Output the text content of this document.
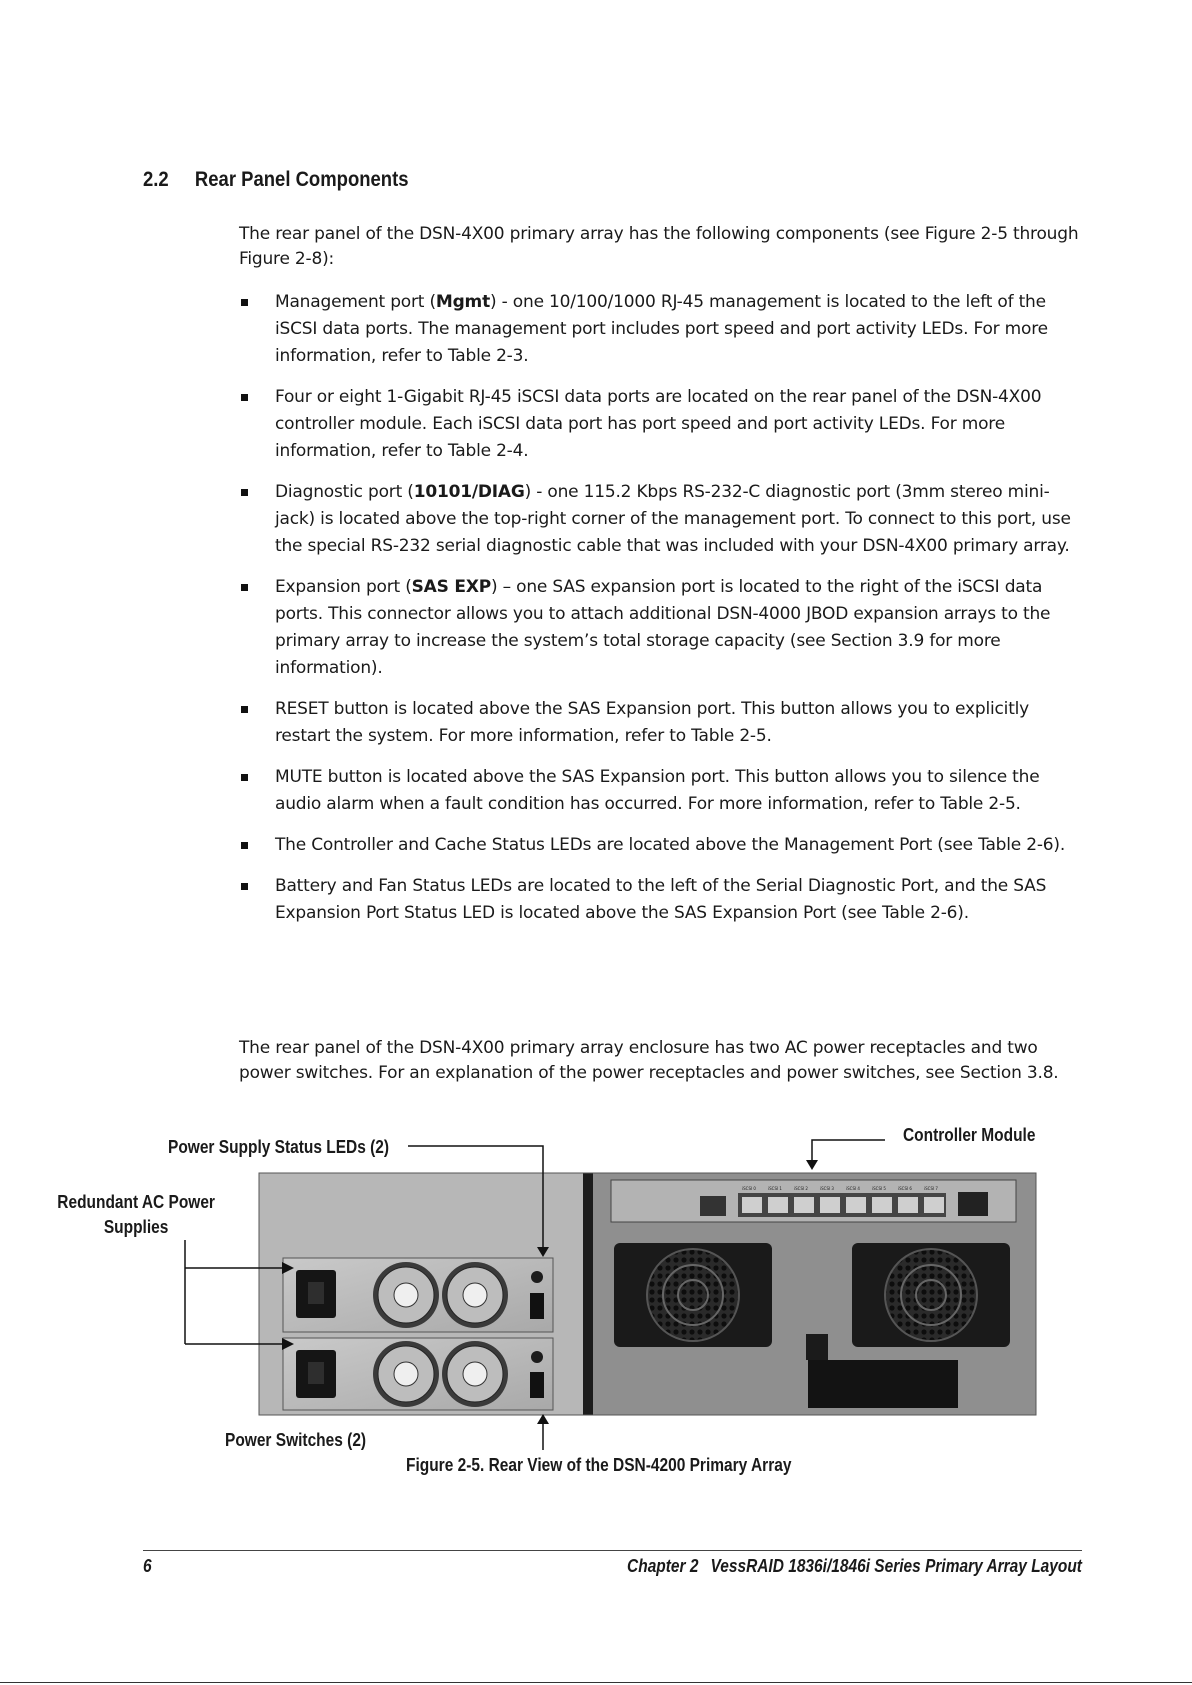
2.2 Rear Panel Components
The rear panel of the DSN-4X00 primary array has the following components (see Figure 2-5 through Figure 2-8):
Management port (Mgmt) - one 10/100/1000 RJ-45 management is located to the left of the iSCSI data ports. The management port includes port speed and port activity LEDs. For more information, refer to Table 2-3.
Four or eight 1-Gigabit RJ-45 iSCSI data ports are located on the rear panel of the DSN-4X00 controller module. Each iSCSI data port has port speed and port activity LEDs. For more information, refer to Table 2-4.
Diagnostic port (10101/DIAG) - one 115.2 Kbps RS-232-C diagnostic port (3mm stereo mini-jack) is located above the top-right corner of the management port. To connect to this port, use the special RS-232 serial diagnostic cable that was included with your DSN-4X00 primary array.
Expansion port (SAS EXP) – one SAS expansion port is located to the right of the iSCSI data ports. This connector allows you to attach additional DSN-4000 JBOD expansion arrays to the primary array to increase the system’s total storage capacity (see Section 3.9 for more information).
RESET button is located above the SAS Expansion port. This button allows you to explicitly restart the system. For more information, refer to Table 2-5.
MUTE button is located above the SAS Expansion port. This button allows you to silence the audio alarm when a fault condition has occurred. For more information, refer to Table 2-5.
The Controller and Cache Status LEDs are located above the Management Port (see Table 2-6).
Battery and Fan Status LEDs are located to the left of the Serial Diagnostic Port, and the SAS Expansion Port Status LED is located above the SAS Expansion Port (see Table 2-6).
The rear panel of the DSN-4X00 primary array enclosure has two AC power receptacles and two power switches. For an explanation of the power receptacles and power switches, see Section 3.8.
iSCSI 0	iSCSI 1	iSCSI 2	iSCSI 3	iSCSI 4	iSCSI 5	iSCSI 6	iSCSI 7
Power Supply Status LEDs (2)
Redundant AC Power
Supplies
Controller Module
Power Switches (2)
Figure 2-5. Rear View of the DSN-4200 Primary Array
6	Chapter 2 VessRAID 1836i/1846i Series Primary Array Layout
